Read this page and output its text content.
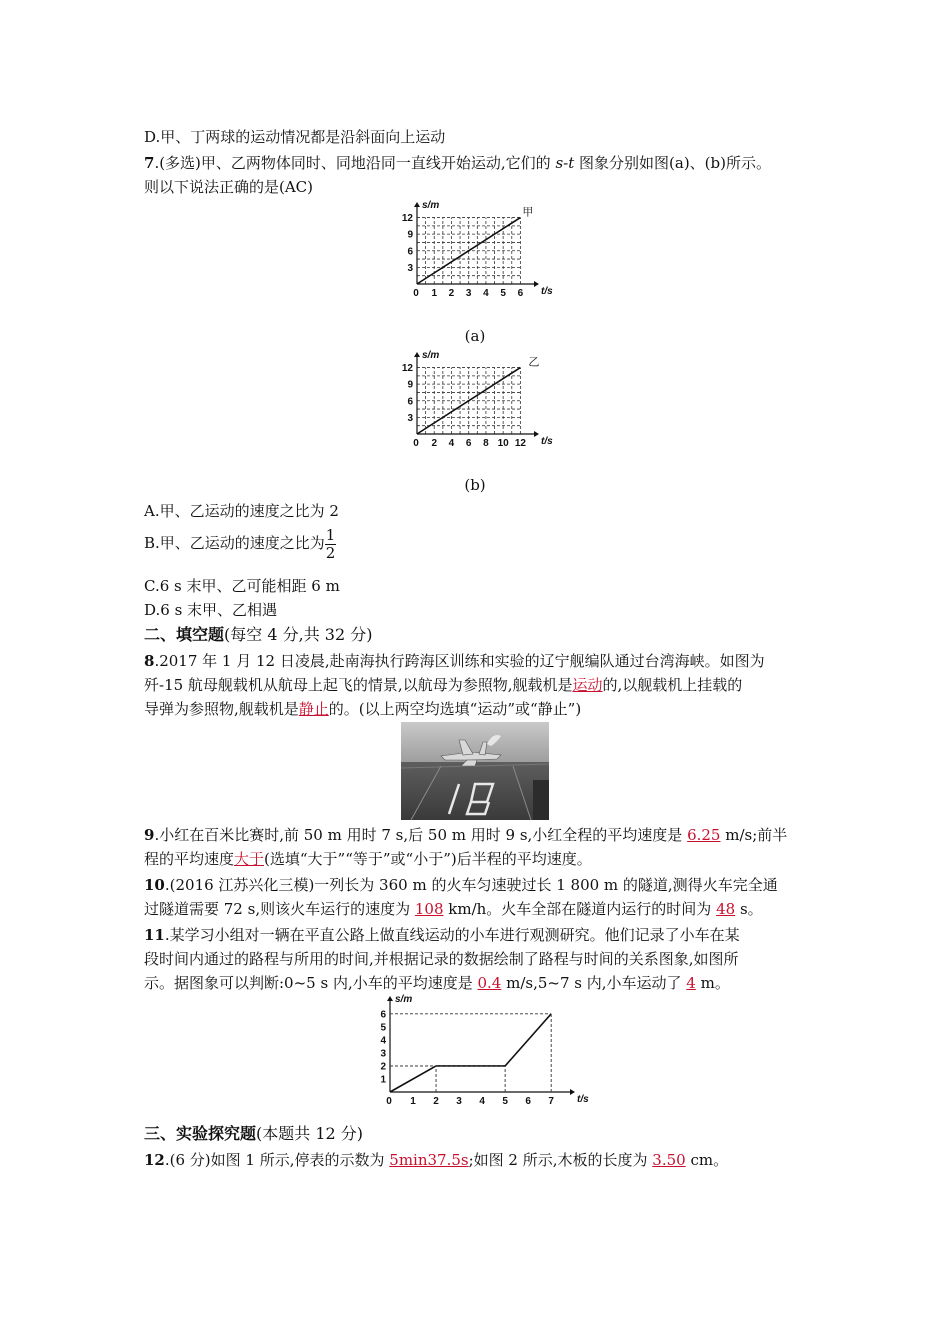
D.甲、丁两球的运动情况都是沿斜面向上运动
7.(多选)甲、乙两物体同时、同地沿同一直线开始运动,它们的 s-t 图象分别如图(a)、(b)所示。
则以下说法正确的是(AC)
0 1 2 3 4 5 6
3
6
9
12
t/s
s/m
甲
(a)
0 2 4 6 8 10 12
3
6
9
12
t/s
s/m
乙
(b)
A.甲、乙运动的速度之比为 2
B.甲、乙运动的速度之比为 $\frac{1}{2}$
C.6 s 末甲、乙可能相距 6 m
D.6 s 末甲、乙相遇
二、填空题(每空 4 分,共 32 分)
8.2017 年 1 月 12 日凌晨,赴南海执行跨海区训练和实验的辽宁舰编队通过台湾海峡。如图为
歼-15 航母舰载机从航母上起飞的情景,以航母为参照物,舰载机是运动的,以舰载机上挂载的
导弹为参照物,舰载机是静止的。(以上两空均选填“运动”或“静止”)
9.小红在百米比赛时,前 50 m 用时 7 s,后 50 m 用时 9 s,小红全程的平均速度是 6.25 m/s;前半
程的平均速度大于(选填“大于”“等于”或“小于”)后半程的平均速度。
10.(2016 江苏兴化三模)一列长为 360 m 的火车匀速驶过长 1 800 m 的隧道,测得火车完全通
过隧道需要 72 s,则该火车运行的速度为 108 km/h。火车全部在隧道内运行的时间为 48 s。
11.某学习小组对一辆在平直公路上做直线运动的小车进行观测研究。他们记录了小车在某
段时间内通过的路程与所用的时间,并根据记录的数据绘制了路程与时间的关系图象,如图所
示。据图象可以判断:0~5 s 内,小车的平均速度是 0.4 m/s,5~7 s 内,小车运动了 4 m。
0 1 2 3 4 5 6 7
1
2
3
4
5
6
t/s
s/m
三、实验探究题(本题共 12 分)
12.(6 分)如图 1 所示,停表的示数为 5min37.5s;如图 2 所示,木板的长度为 3.50 cm。
